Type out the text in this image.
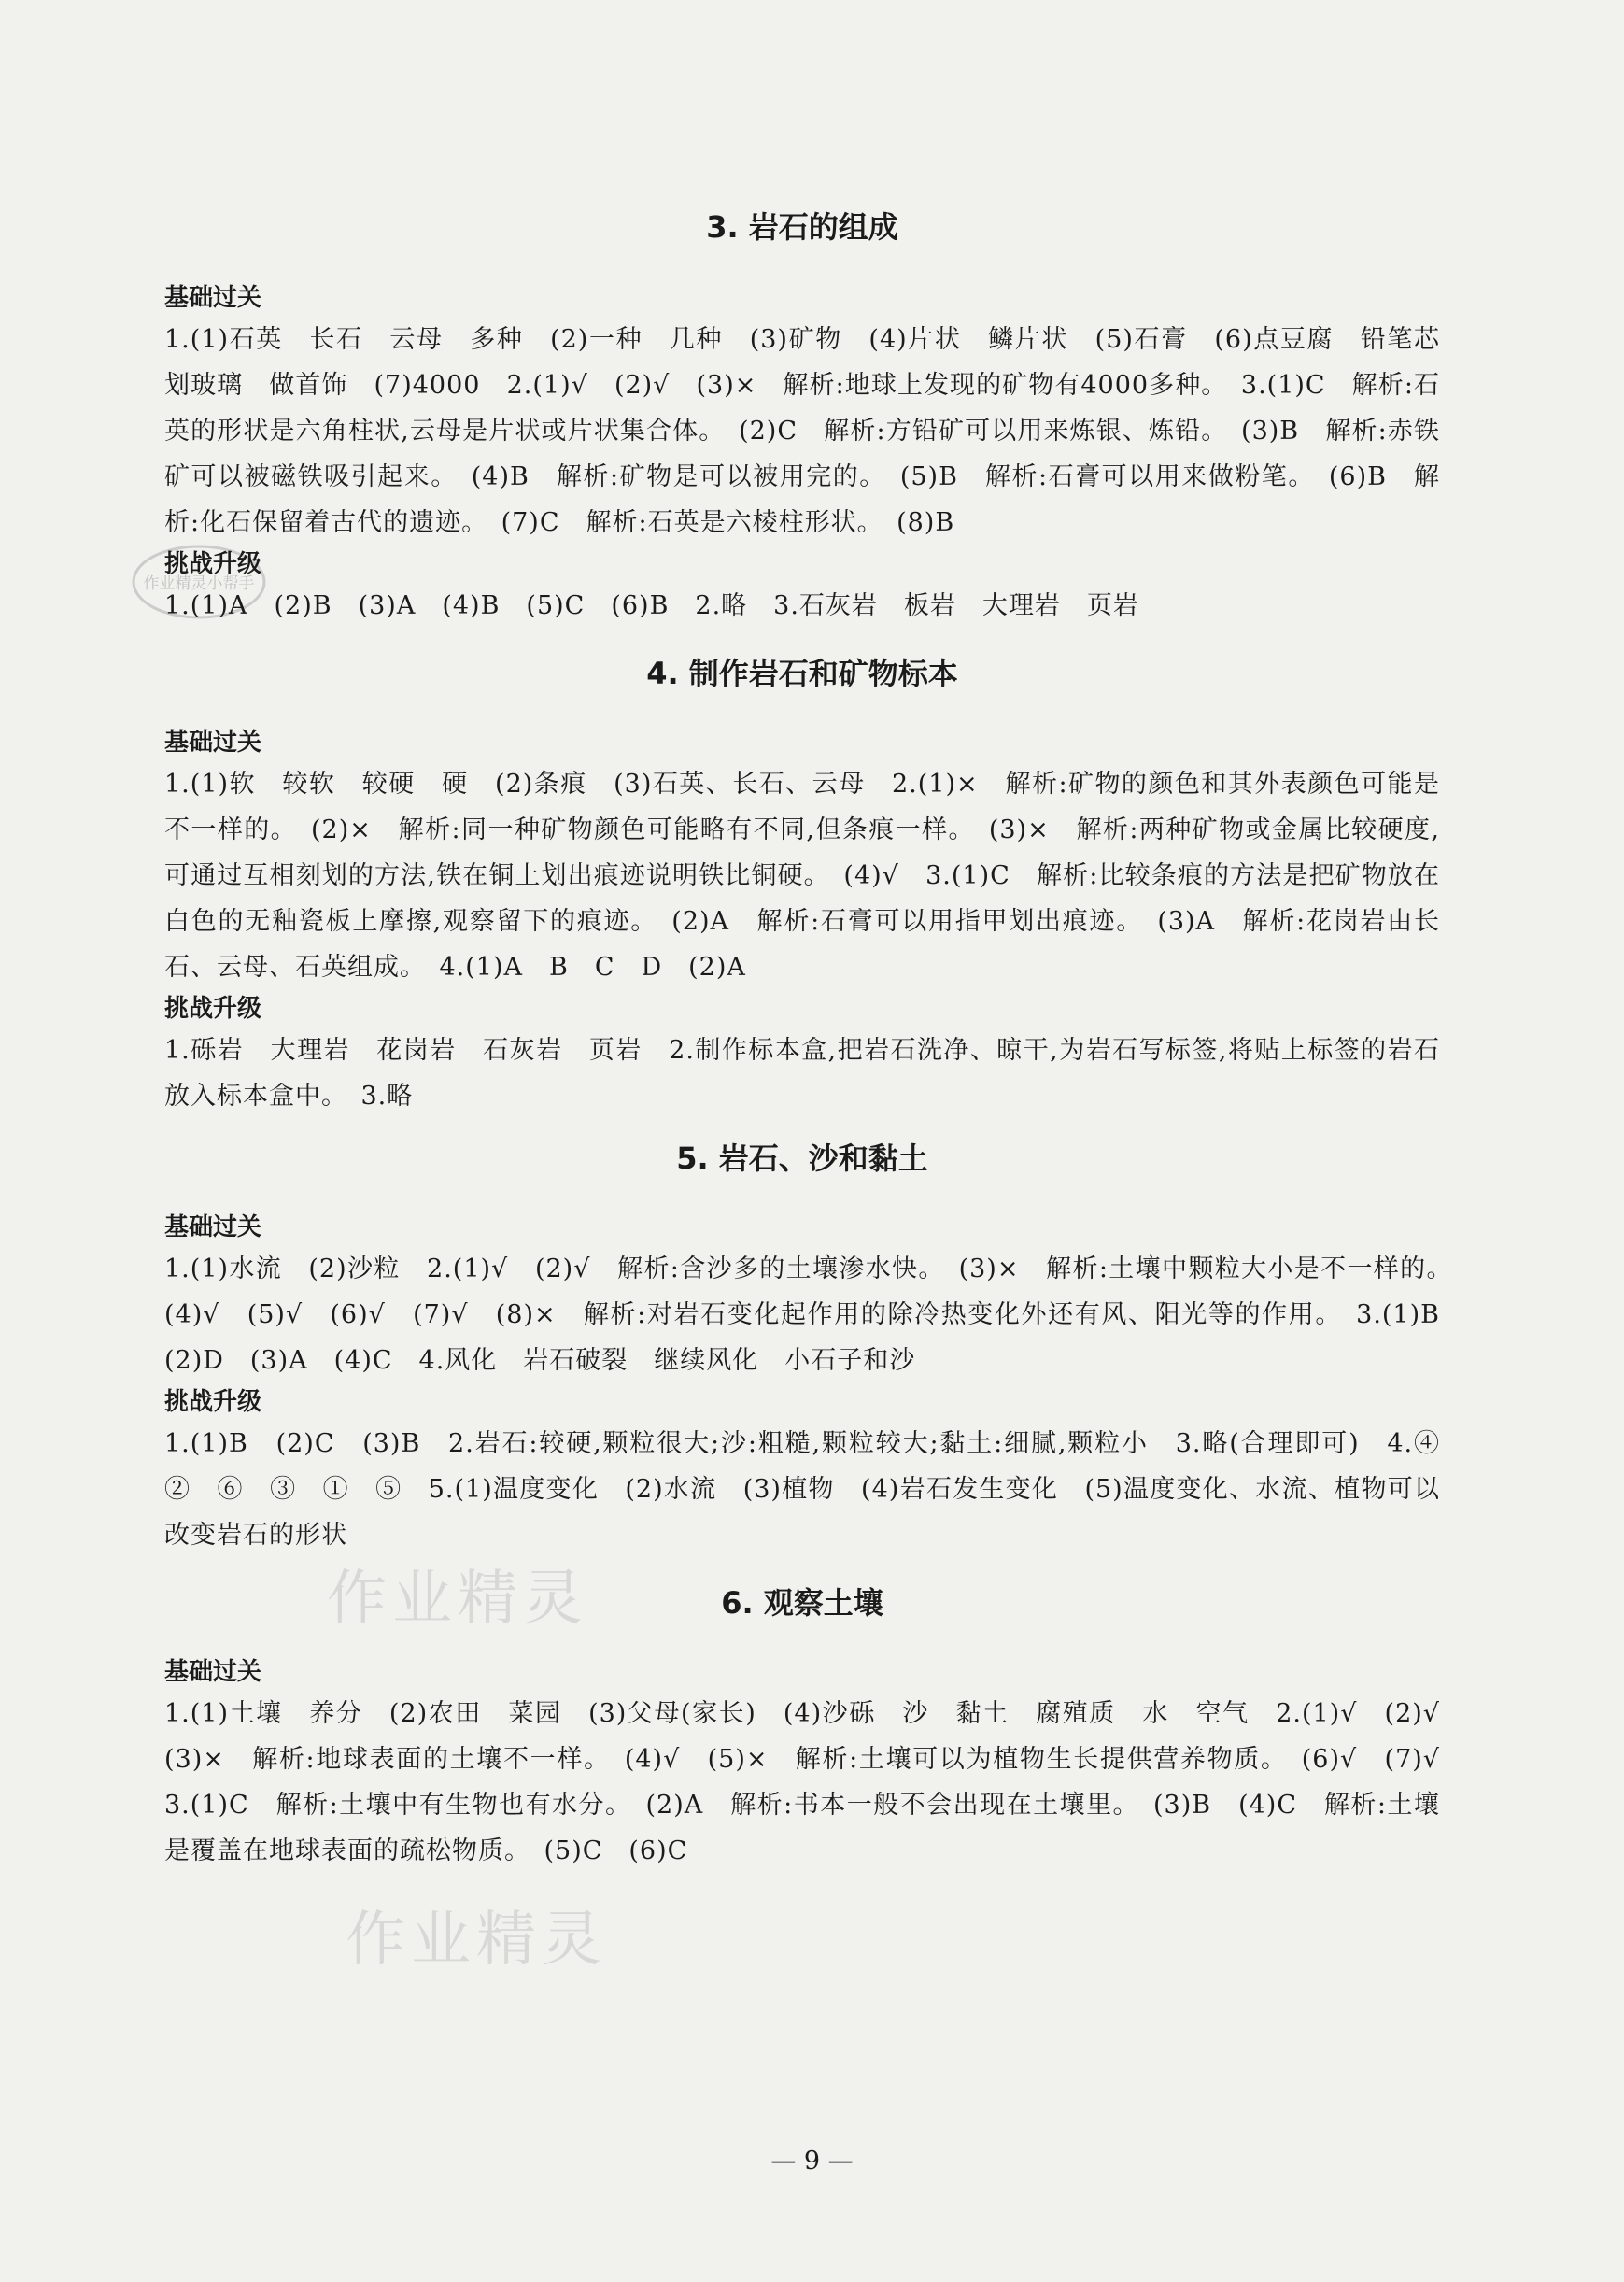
作业精灵小帮手
作业精灵
作业精灵
3. 岩石的组成
基础过关

1.(1)石英　长石　云母　多种　(2)一种　几种　(3)矿物　(4)片状　鳞片状　(5)石膏　(6)点豆腐　铅笔芯　划玻璃　做首饰　(7)4000　2.(1)√　(2)√　(3)×　解析:地球上发现的矿物有4000多种。　3.(1)C　解析:石英的形状是六角柱状,云母是片状或片状集合体。　(2)C　解析:方铅矿可以用来炼银、炼铅。　(3)B　解析:赤铁矿可以被磁铁吸引起来。　(4)B　解析:矿物是可以被用完的。　(5)B　解析:石膏可以用来做粉笔。　(6)B　解析:化石保留着古代的遗迹。　(7)C　解析:石英是六棱柱形状。　(8)B

挑战升级

1.(1)A　(2)B　(3)A　(4)B　(5)C　(6)B　2.略　3.石灰岩　板岩　大理岩　页岩

4. 制作岩石和矿物标本
基础过关

1.(1)软　较软　较硬　硬　(2)条痕　(3)石英、长石、云母　2.(1)×　解析:矿物的颜色和其外表颜色可能是不一样的。　(2)×　解析:同一种矿物颜色可能略有不同,但条痕一样。　(3)×　解析:两种矿物或金属比较硬度,可通过互相刻划的方法,铁在铜上划出痕迹说明铁比铜硬。　(4)√　3.(1)C　解析:比较条痕的方法是把矿物放在白色的无釉瓷板上摩擦,观察留下的痕迹。　(2)A　解析:石膏可以用指甲划出痕迹。　(3)A　解析:花岗岩由长石、云母、石英组成。　4.(1)A　B　C　D　(2)A

挑战升级

1.砾岩　大理岩　花岗岩　石灰岩　页岩　2.制作标本盒,把岩石洗净、晾干,为岩石写标签,将贴上标签的岩石放入标本盒中。　3.略

5. 岩石、沙和黏土
基础过关

1.(1)水流　(2)沙粒　2.(1)√　(2)√　解析:含沙多的土壤渗水快。　(3)×　解析:土壤中颗粒大小是不一样的。　(4)√　(5)√　(6)√　(7)√　(8)×　解析:对岩石变化起作用的除冷热变化外还有风、阳光等的作用。　3.(1)B　(2)D　(3)A　(4)C　4.风化　岩石破裂　继续风化　小石子和沙

挑战升级

1.(1)B　(2)C　(3)B　2.岩石:较硬,颗粒很大;沙:粗糙,颗粒较大;黏土:细腻,颗粒小　3.略(合理即可)　4.④　②　⑥　③　①　⑤　5.(1)温度变化　(2)水流　(3)植物　(4)岩石发生变化　(5)温度变化、水流、植物可以改变岩石的形状

6. 观察土壤
基础过关

1.(1)土壤　养分　(2)农田　菜园　(3)父母(家长)　(4)沙砾　沙　黏土　腐殖质　水　空气　2.(1)√　(2)√　(3)×　解析:地球表面的土壤不一样。　(4)√　(5)×　解析:土壤可以为植物生长提供营养物质。　(6)√　(7)√　3.(1)C　解析:土壤中有生物也有水分。　(2)A　解析:书本一般不会出现在土壤里。　(3)B　(4)C　解析:土壤是覆盖在地球表面的疏松物质。　(5)C　(6)C

— 9 —
